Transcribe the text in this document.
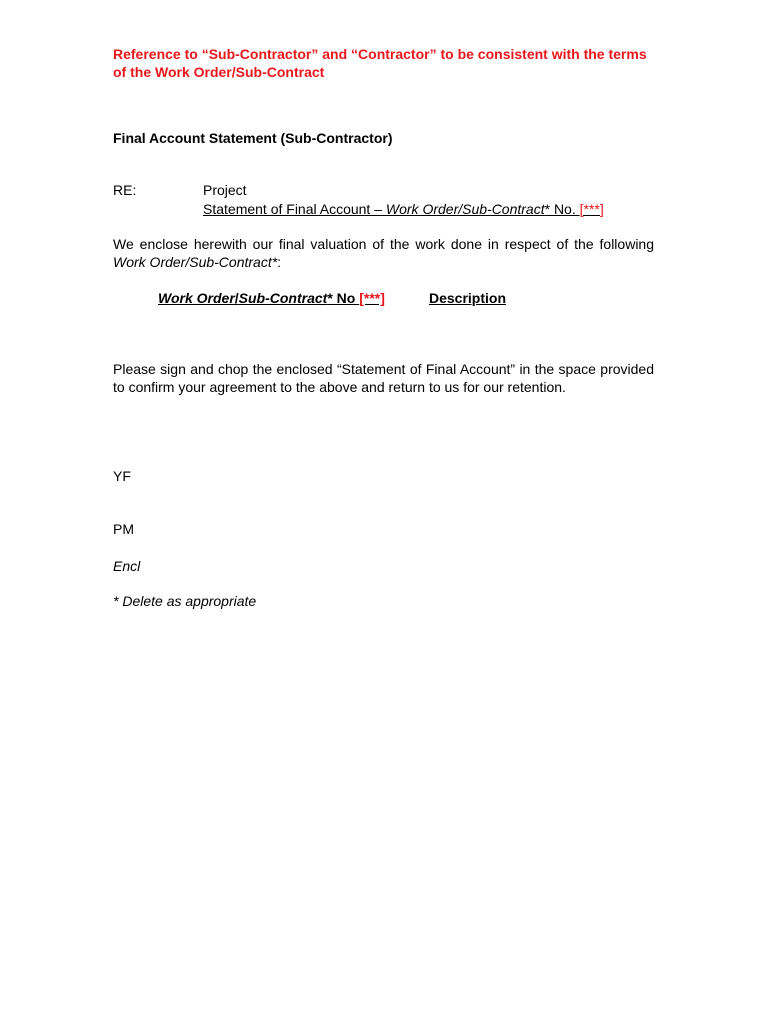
Reference to “Sub-Contractor” and “Contractor” to be consistent with the terms of the Work Order/Sub-Contract
Final Account Statement (Sub-Contractor)
RE:	Project
Statement of Final Account – Work Order/Sub-Contract* No. [***]
We enclose herewith our final valuation of the work done in respect of the following Work Order/Sub-Contract*:
Work Order/Sub-Contract* No [***]	Description
Please sign and chop the enclosed “Statement of Final Account” in the space provided to confirm your agreement to the above and return to us for our retention.
YF
PM
Encl
* Delete as appropriate
